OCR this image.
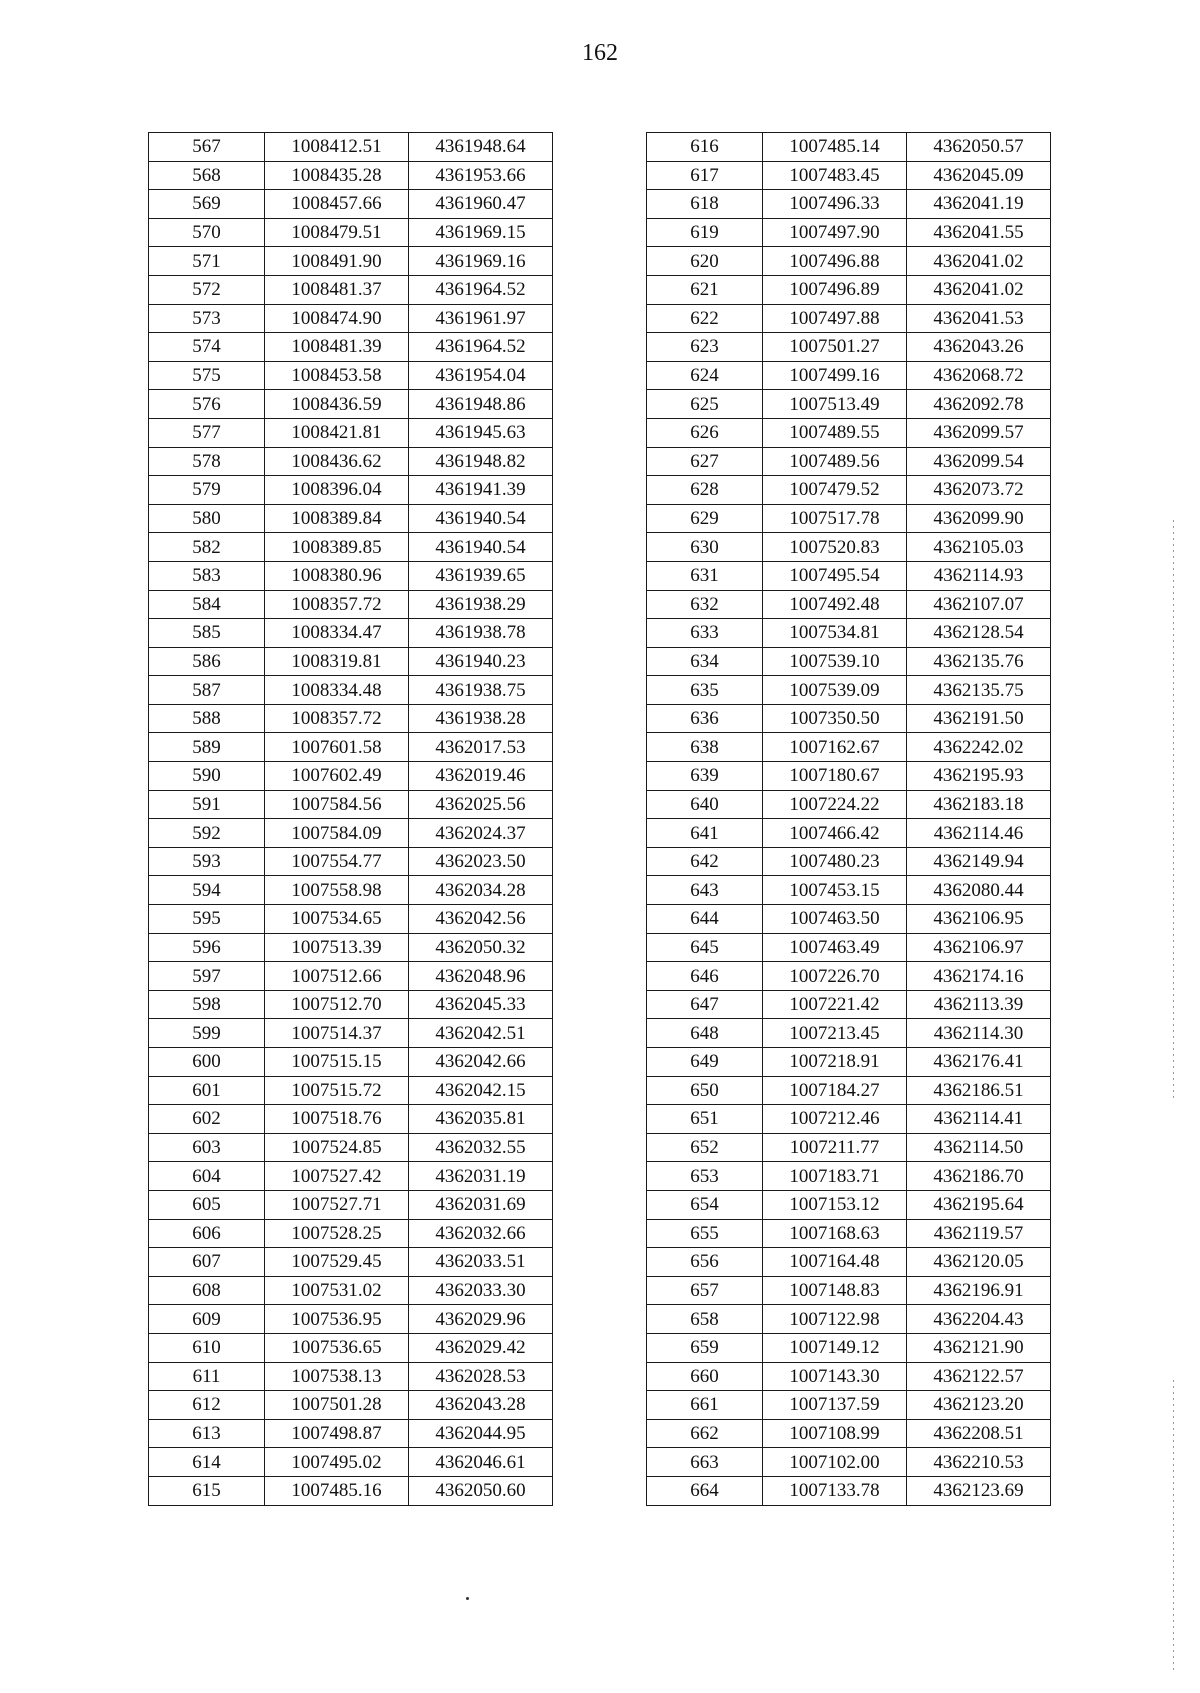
162
567	1008412.51	4361948.64
568	1008435.28	4361953.66
569	1008457.66	4361960.47
570	1008479.51	4361969.15
571	1008491.90	4361969.16
572	1008481.37	4361964.52
573	1008474.90	4361961.97
574	1008481.39	4361964.52
575	1008453.58	4361954.04
576	1008436.59	4361948.86
577	1008421.81	4361945.63
578	1008436.62	4361948.82
579	1008396.04	4361941.39
580	1008389.84	4361940.54
582	1008389.85	4361940.54
583	1008380.96	4361939.65
584	1008357.72	4361938.29
585	1008334.47	4361938.78
586	1008319.81	4361940.23
587	1008334.48	4361938.75
588	1008357.72	4361938.28
589	1007601.58	4362017.53
590	1007602.49	4362019.46
591	1007584.56	4362025.56
592	1007584.09	4362024.37
593	1007554.77	4362023.50
594	1007558.98	4362034.28
595	1007534.65	4362042.56
596	1007513.39	4362050.32
597	1007512.66	4362048.96
598	1007512.70	4362045.33
599	1007514.37	4362042.51
600	1007515.15	4362042.66
601	1007515.72	4362042.15
602	1007518.76	4362035.81
603	1007524.85	4362032.55
604	1007527.42	4362031.19
605	1007527.71	4362031.69
606	1007528.25	4362032.66
607	1007529.45	4362033.51
608	1007531.02	4362033.30
609	1007536.95	4362029.96
610	1007536.65	4362029.42
611	1007538.13	4362028.53
612	1007501.28	4362043.28
613	1007498.87	4362044.95
614	1007495.02	4362046.61
615	1007485.16	4362050.60
616	1007485.14	4362050.57
617	1007483.45	4362045.09
618	1007496.33	4362041.19
619	1007497.90	4362041.55
620	1007496.88	4362041.02
621	1007496.89	4362041.02
622	1007497.88	4362041.53
623	1007501.27	4362043.26
624	1007499.16	4362068.72
625	1007513.49	4362092.78
626	1007489.55	4362099.57
627	1007489.56	4362099.54
628	1007479.52	4362073.72
629	1007517.78	4362099.90
630	1007520.83	4362105.03
631	1007495.54	4362114.93
632	1007492.48	4362107.07
633	1007534.81	4362128.54
634	1007539.10	4362135.76
635	1007539.09	4362135.75
636	1007350.50	4362191.50
638	1007162.67	4362242.02
639	1007180.67	4362195.93
640	1007224.22	4362183.18
641	1007466.42	4362114.46
642	1007480.23	4362149.94
643	1007453.15	4362080.44
644	1007463.50	4362106.95
645	1007463.49	4362106.97
646	1007226.70	4362174.16
647	1007221.42	4362113.39
648	1007213.45	4362114.30
649	1007218.91	4362176.41
650	1007184.27	4362186.51
651	1007212.46	4362114.41
652	1007211.77	4362114.50
653	1007183.71	4362186.70
654	1007153.12	4362195.64
655	1007168.63	4362119.57
656	1007164.48	4362120.05
657	1007148.83	4362196.91
658	1007122.98	4362204.43
659	1007149.12	4362121.90
660	1007143.30	4362122.57
661	1007137.59	4362123.20
662	1007108.99	4362208.51
663	1007102.00	4362210.53
664	1007133.78	4362123.69
